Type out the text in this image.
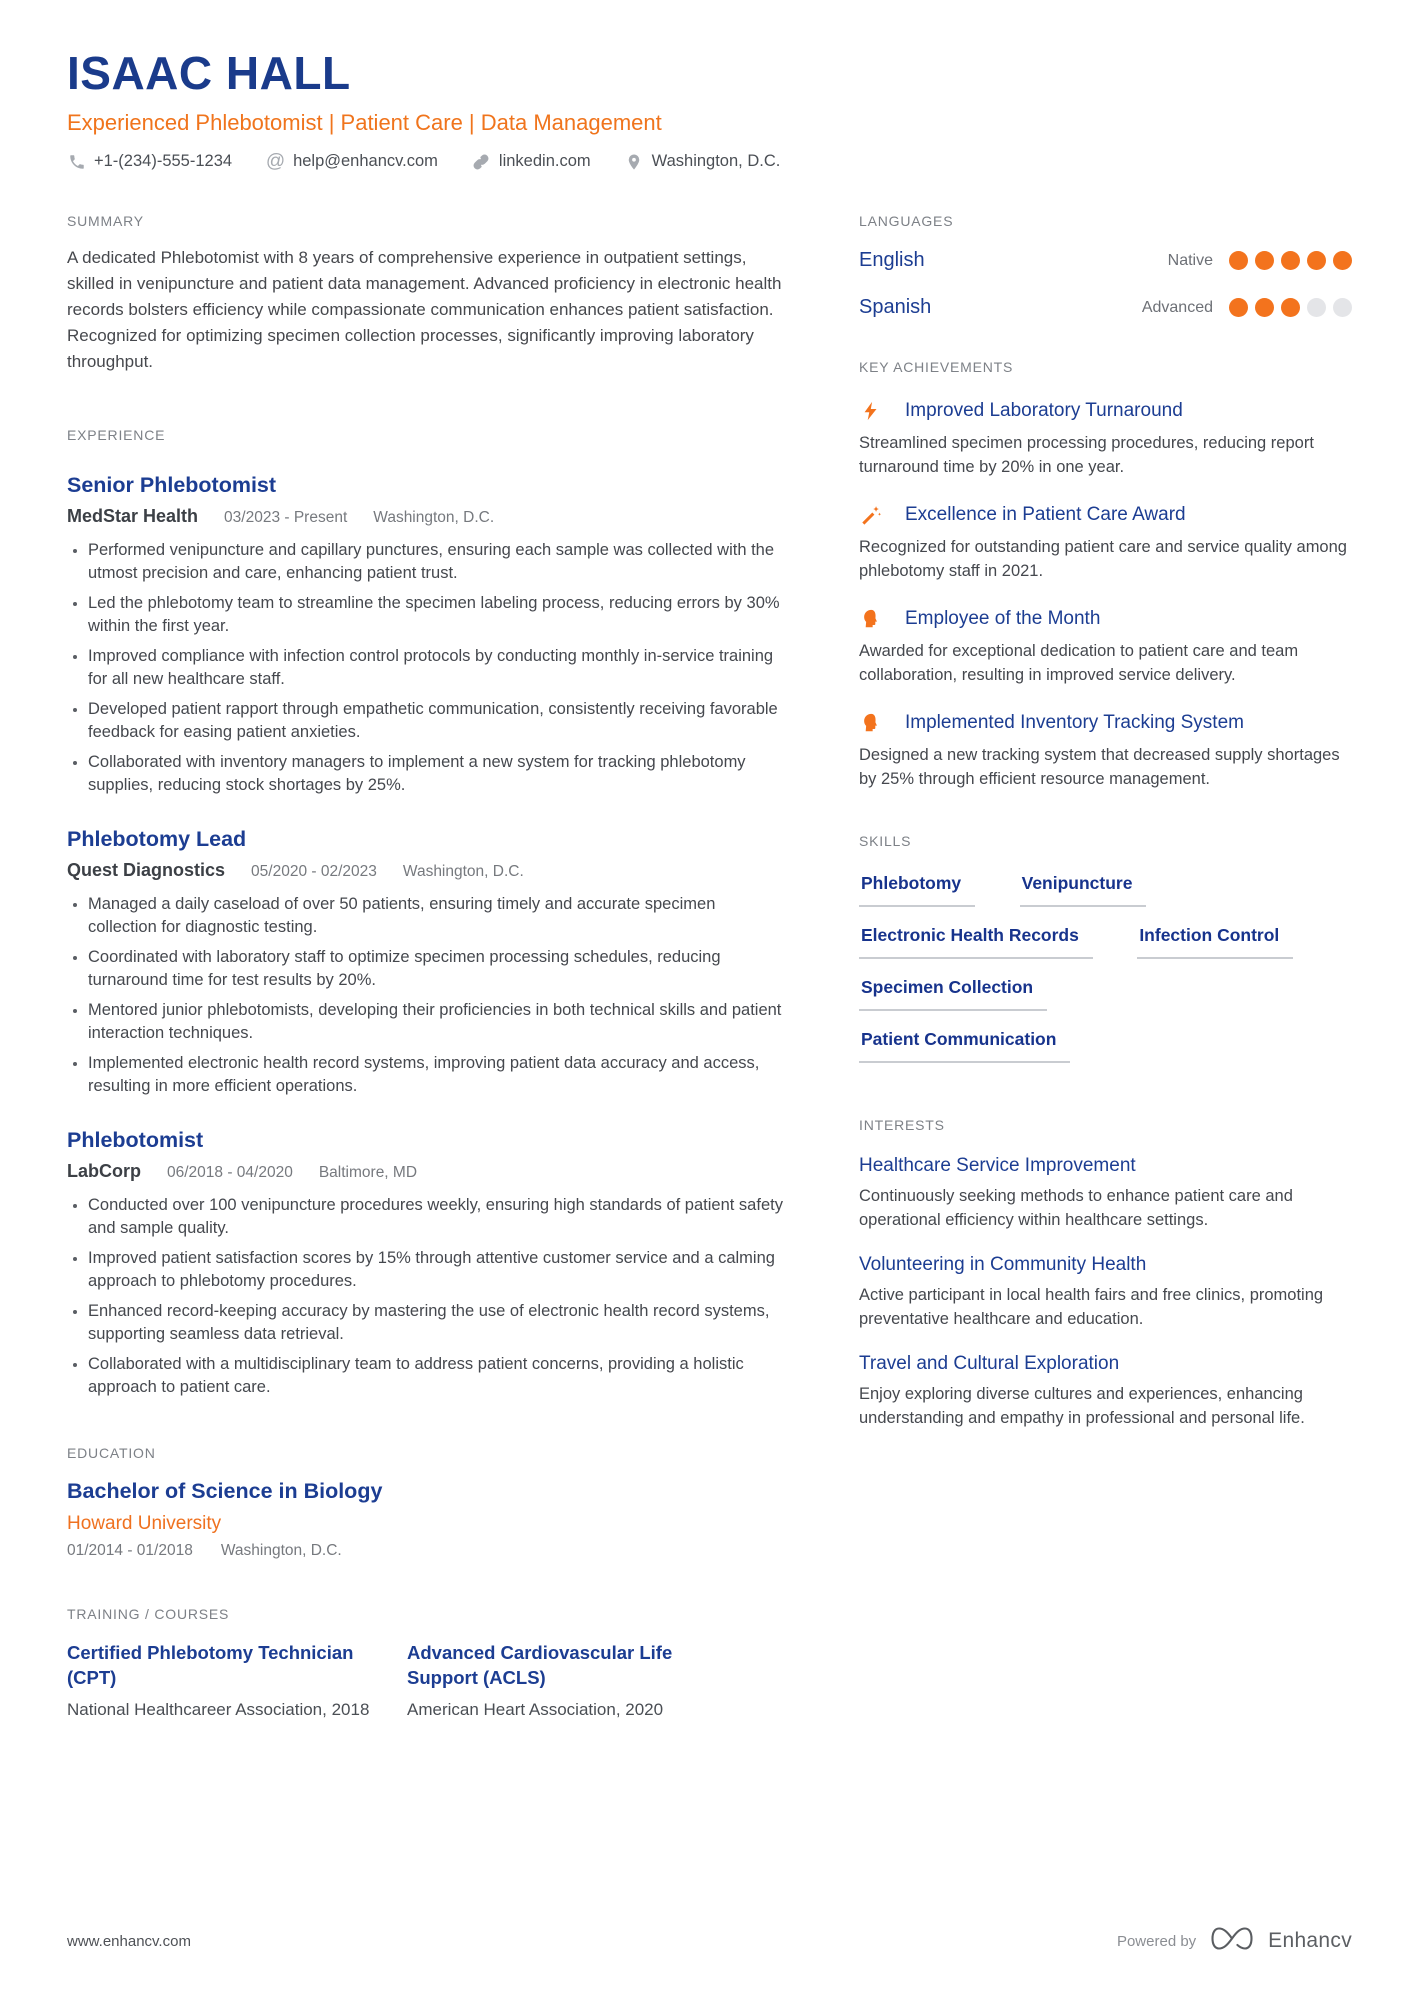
ISAAC HALL
Experienced Phlebotomist | Patient Care | Data Management
+1-(234)-555-1234 @ help@enhancv.com	linkedin.com	Washington, D.C.
SUMMARY
A dedicated Phlebotomist with 8 years of comprehensive experience in outpatient settings, skilled in venipuncture and patient data management. Advanced proficiency in electronic health records bolsters efficiency while compassionate communication enhances patient satisfaction. Recognized for optimizing specimen collection processes, significantly improving laboratory throughput.
EXPERIENCE
Senior Phlebotomist
MedStar Health 03/2023 - Present Washington, D.C.
• Performed venipuncture and capillary punctures, ensuring each sample was collected with the utmost precision and care, enhancing patient trust.
• Led the phlebotomy team to streamline the specimen labeling process, reducing errors by 30% within the first year.
• Improved compliance with infection control protocols by conducting monthly in-service training for all new healthcare staff.
• Developed patient rapport through empathetic communication, consistently receiving favorable feedback for easing patient anxieties.
• Collaborated with inventory managers to implement a new system for tracking phlebotomy supplies, reducing stock shortages by 25%.
Phlebotomy Lead
Quest Diagnostics 05/2020 - 02/2023 Washington, D.C.
• Managed a daily caseload of over 50 patients, ensuring timely and accurate specimen collection for diagnostic testing.
• Coordinated with laboratory staff to optimize specimen processing schedules, reducing turnaround time for test results by 20%.
• Mentored junior phlebotomists, developing their proficiencies in both technical skills and patient interaction techniques.
• Implemented electronic health record systems, improving patient data accuracy and access, resulting in more efficient operations.
Phlebotomist
LabCorp 06/2018 - 04/2020 Baltimore, MD
• Conducted over 100 venipuncture procedures weekly, ensuring high standards of patient safety and sample quality.
• Improved patient satisfaction scores by 15% through attentive customer service and a calming approach to phlebotomy procedures.
• Enhanced record-keeping accuracy by mastering the use of electronic health record systems, supporting seamless data retrieval.
• Collaborated with a multidisciplinary team to address patient concerns, providing a holistic approach to patient care.
EDUCATION
Bachelor of Science in Biology
Howard University
01/2014 - 01/2018 Washington, D.C.
TRAINING / COURSES
Certified Phlebotomy Technician (CPT)
National Healthcareer Association, 2018
Advanced Cardiovascular Life Support (ACLS)
American Heart Association, 2020
LANGUAGES
English	Native
Spanish	Advanced
KEY ACHIEVEMENTS
Improved Laboratory Turnaround
Streamlined specimen processing procedures, reducing report turnaround time by 20% in one year.
Excellence in Patient Care Award
Recognized for outstanding patient care and service quality among phlebotomy staff in 2021.
Employee of the Month
Awarded for exceptional dedication to patient care and team collaboration, resulting in improved service delivery.
Implemented Inventory Tracking System
Designed a new tracking system that decreased supply shortages by 25% through efficient resource management.
SKILLS
Phlebotomy	Venipuncture
Electronic Health Records	Infection Control
Specimen Collection
Patient Communication
INTERESTS
Healthcare Service Improvement
Continuously seeking methods to enhance patient care and operational efficiency within healthcare settings.
Volunteering in Community Health
Active participant in local health fairs and free clinics, promoting preventative healthcare and education.
Travel and Cultural Exploration
Enjoy exploring diverse cultures and experiences, enhancing understanding and empathy in professional and personal life.
www.enhancv.com	Powered by	Enhancv
